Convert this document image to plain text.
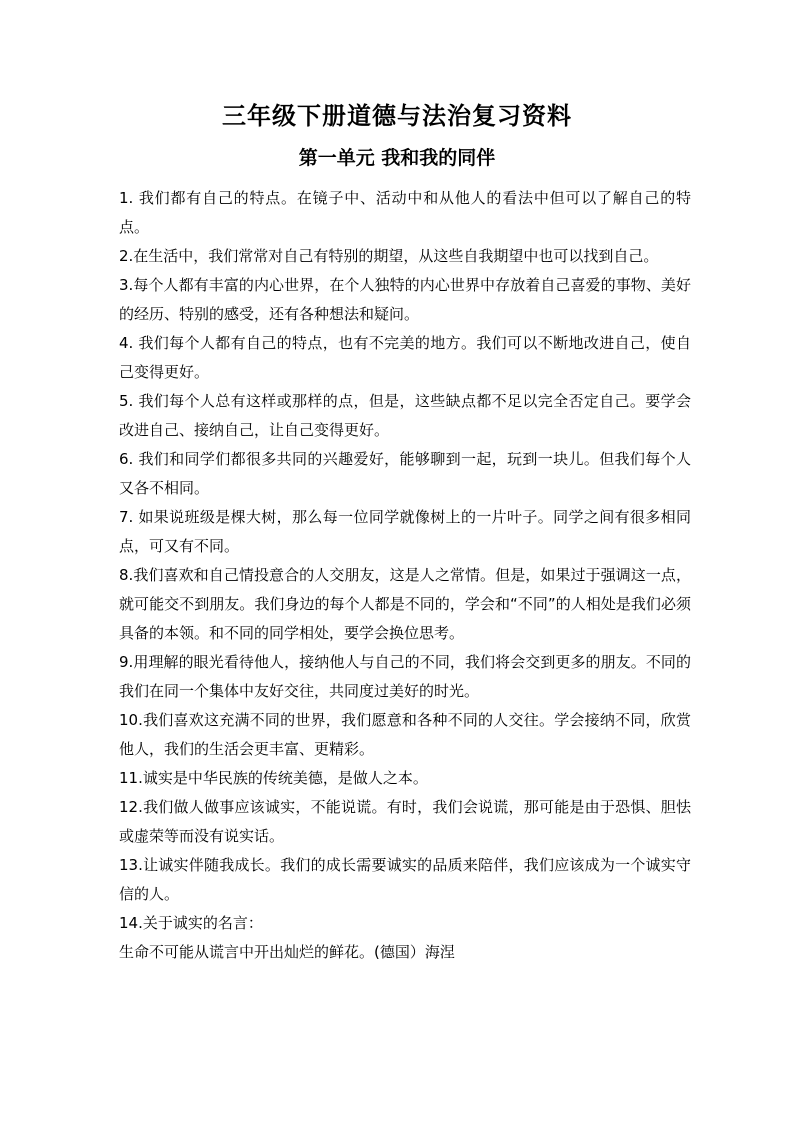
三年级下册道德与法治复习资料
第一单元 我和我的同伴

1. 我们都有自己的特点。在镜子中、活动中和从他人的看法中但可以了解自己的特点。

2.在生活中，我们常常对自己有特别的期望，从这些自我期望中也可以找到自己。

3.每个人都有丰富的内心世界，在个人独特的内心世界中存放着自己喜爱的事物、美好的经历、特别的感受，还有各种想法和疑问。

4. 我们每个人都有自己的特点，也有不完美的地方。我们可以不断地改进自己，使自己变得更好。

5. 我们每个人总有这样或那样的点，但是，这些缺点都不足以完全否定自己。要学会改进自己、接纳自己，让自己变得更好。

6. 我们和同学们都很多共同的兴趣爱好，能够聊到一起，玩到一块儿。但我们每个人又各不相同。

7. 如果说班级是棵大树，那么每一位同学就像树上的一片叶子。同学之间有很多相同点，可又有不同。

8.我们喜欢和自己情投意合的人交朋友，这是人之常情。但是，如果过于强调这一点，就可能交不到朋友。我们身边的每个人都是不同的，学会和“不同”的人相处是我们必须具备的本领。和不同的同学相处，要学会换位思考。

9.用理解的眼光看待他人，接纳他人与自己的不同，我们将会交到更多的朋友。不同的我们在同一个集体中友好交往，共同度过美好的时光。

10.我们喜欢这充满不同的世界，我们愿意和各种不同的人交往。学会接纳不同，欣赏他人，我们的生活会更丰富、更精彩。

11.诚实是中华民族的传统美德，是做人之本。

12.我们做人做事应该诚实，不能说谎。有时，我们会说谎，那可能是由于恐惧、胆怯或虚荣等而没有说实话。

13.让诚实伴随我成长。我们的成长需要诚实的品质来陪伴，我们应该成为一个诚实守信的人。

14.关于诚实的名言：

生命不可能从谎言中开出灿烂的鲜花。(德国）海涅
